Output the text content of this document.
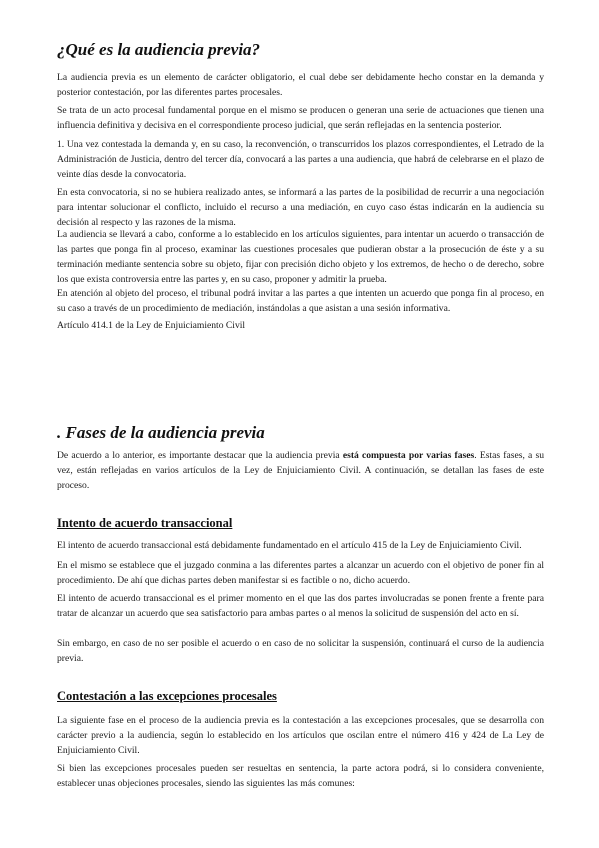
¿Qué es la audiencia previa?

La audiencia previa es un elemento de carácter obligatorio, el cual debe ser debidamente hecho constar en la demanda y posterior contestación, por las diferentes partes procesales.

Se trata de un acto procesal fundamental porque en el mismo se producen o generan una serie de actuaciones que tienen una influencia definitiva y decisiva en el correspondiente proceso judicial, que serán reflejadas en la sentencia posterior.

1. Una vez contestada la demanda y, en su caso, la reconvención, o transcurridos los plazos correspondientes, el Letrado de la Administración de Justicia, dentro del tercer día, convocará a las partes a una audiencia, que habrá de celebrarse en el plazo de veinte días desde la convocatoria.

En esta convocatoria, si no se hubiera realizado antes, se informará a las partes de la posibilidad de recurrir a una negociación para intentar solucionar el conflicto, incluido el recurso a una mediación, en cuyo caso éstas indicarán en la audiencia su decisión al respecto y las razones de la misma.

La audiencia se llevará a cabo, conforme a lo establecido en los artículos siguientes, para intentar un acuerdo o transacción de las partes que ponga fin al proceso, examinar las cuestiones procesales que pudieran obstar a la prosecución de éste y a su terminación mediante sentencia sobre su objeto, fijar con precisión dicho objeto y los extremos, de hecho o de derecho, sobre los que exista controversia entre las partes y, en su caso, proponer y admitir la prueba.

En atención al objeto del proceso, el tribunal podrá invitar a las partes a que intenten un acuerdo que ponga fin al proceso, en su caso a través de un procedimiento de mediación, instándolas a que asistan a una sesión informativa.

Artículo 414.1 de la Ley de Enjuiciamiento Civil

. Fases de la audiencia previa

De acuerdo a lo anterior, es importante destacar que la audiencia previa está compuesta por varias fases. Estas fases, a su vez, están reflejadas en varios artículos de la Ley de Enjuiciamiento Civil. A continuación, se detallan las fases de este proceso.

Intento de acuerdo transaccional

El intento de acuerdo transaccional está debidamente fundamentado en el artículo 415 de la Ley de Enjuiciamiento Civil.

En el mismo se establece que el juzgado conmina a las diferentes partes a alcanzar un acuerdo con el objetivo de poner fin al procedimiento. De ahí que dichas partes deben manifestar si es factible o no, dicho acuerdo.

El intento de acuerdo transaccional es el primer momento en el que las dos partes involucradas se ponen frente a frente para tratar de alcanzar un acuerdo que sea satisfactorio para ambas partes o al menos la solicitud de suspensión del acto en sí.

Sin embargo, en caso de no ser posible el acuerdo o en caso de no solicitar la suspensión, continuará el curso de la audiencia previa.

Contestación a las excepciones procesales

La siguiente fase en el proceso de la audiencia previa es la contestación a las excepciones procesales, que se desarrolla con carácter previo a la audiencia, según lo establecido en los artículos que oscilan entre el número 416 y 424 de La Ley de Enjuiciamiento Civil.

Si bien las excepciones procesales pueden ser resueltas en sentencia, la parte actora podrá, si lo considera conveniente, establecer unas objeciones procesales, siendo las siguientes las más comunes:
